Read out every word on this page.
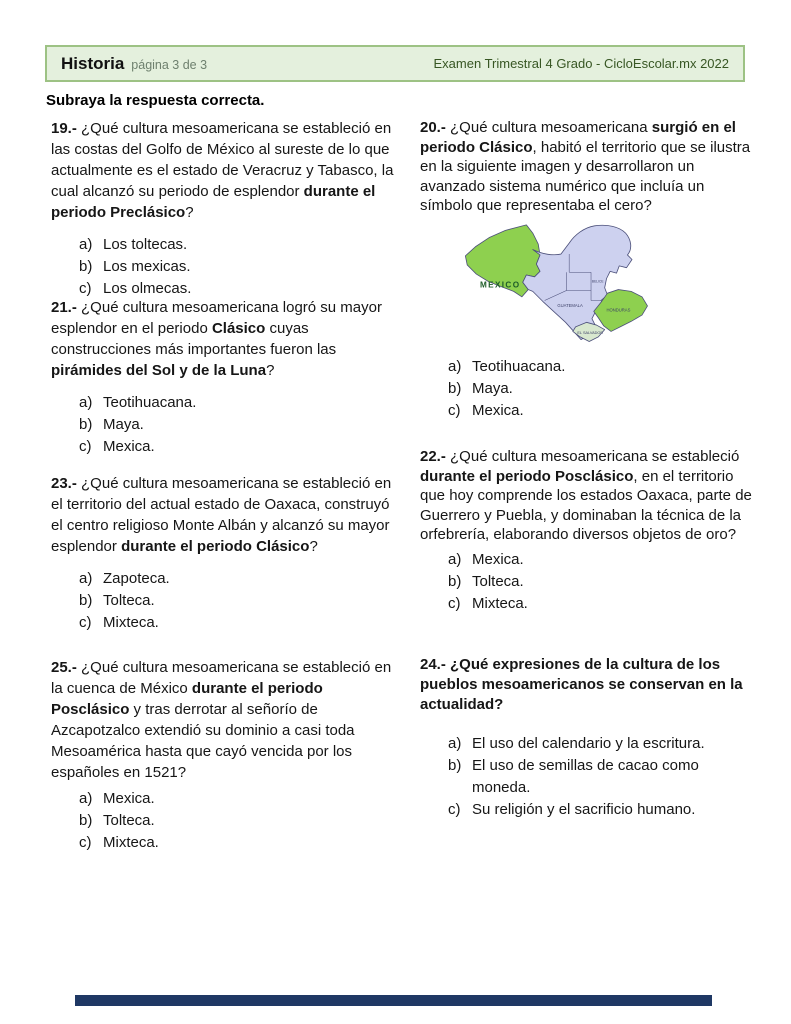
Historia página 3 de 3	Examen Trimestral 4 Grado - CicloEscolar.mx 2022
Subraya la respuesta correcta.

19.- ¿Qué cultura mesoamericana se estableció en las costas del Golfo de México al sureste de lo que actualmente es el estado de Veracruz y Tabasco, la cual alcanzó su periodo de esplendor durante el periodo Preclásico?

a) Los toltecas.
b) Los mexicas.
c) Los olmecas.

21.- ¿Qué cultura mesoamericana logró su mayor esplendor en el periodo Clásico cuyas construcciones más importantes fueron las pirámides del Sol y de la Luna?

a) Teotihuacana.
b) Maya.
c) Mexica.

23.- ¿Qué cultura mesoamericana se estableció en el territorio del actual estado de Oaxaca, construyó el centro religioso Monte Albán y alcanzó su mayor esplendor durante el periodo Clásico?

a) Zapoteca.
b) Tolteca.
c) Mixteca.

25.- ¿Qué cultura mesoamericana se estableció en la cuenca de México durante el periodo Posclásico y tras derrotar al señorío de Azcapotzalco extendió su dominio a casi toda Mesoamérica hasta que cayó vencida por los españoles en 1521?

a) Mexica.
b) Tolteca.
c) Mixteca.

20.- ¿Qué cultura mesoamericana surgió en el periodo Clásico, habitó el territorio que se ilustra en la siguiente imagen y desarrollaron un avanzado sistema numérico que incluía un símbolo que representaba el cero?

MEXICO
GUATEMALA
BELICE
HONDURAS
EL SALVADOR
a) Teotihuacana.
b) Maya.
c) Mexica.

22.- ¿Qué cultura mesoamericana se estableció durante el periodo Posclásico, en el territorio que hoy comprende los estados Oaxaca, parte de Guerrero y Puebla, y dominaban la técnica de la orfebrería, elaborando diversos objetos de oro?

a) Mexica.
b) Tolteca.
c) Mixteca.

24.- ¿Qué expresiones de la cultura de los pueblos mesoamericanos se conservan en la actualidad?

a) El uso del calendario y la escritura.
b) El uso de semillas de cacao como moneda.
c) Su religión y el sacrificio humano.
